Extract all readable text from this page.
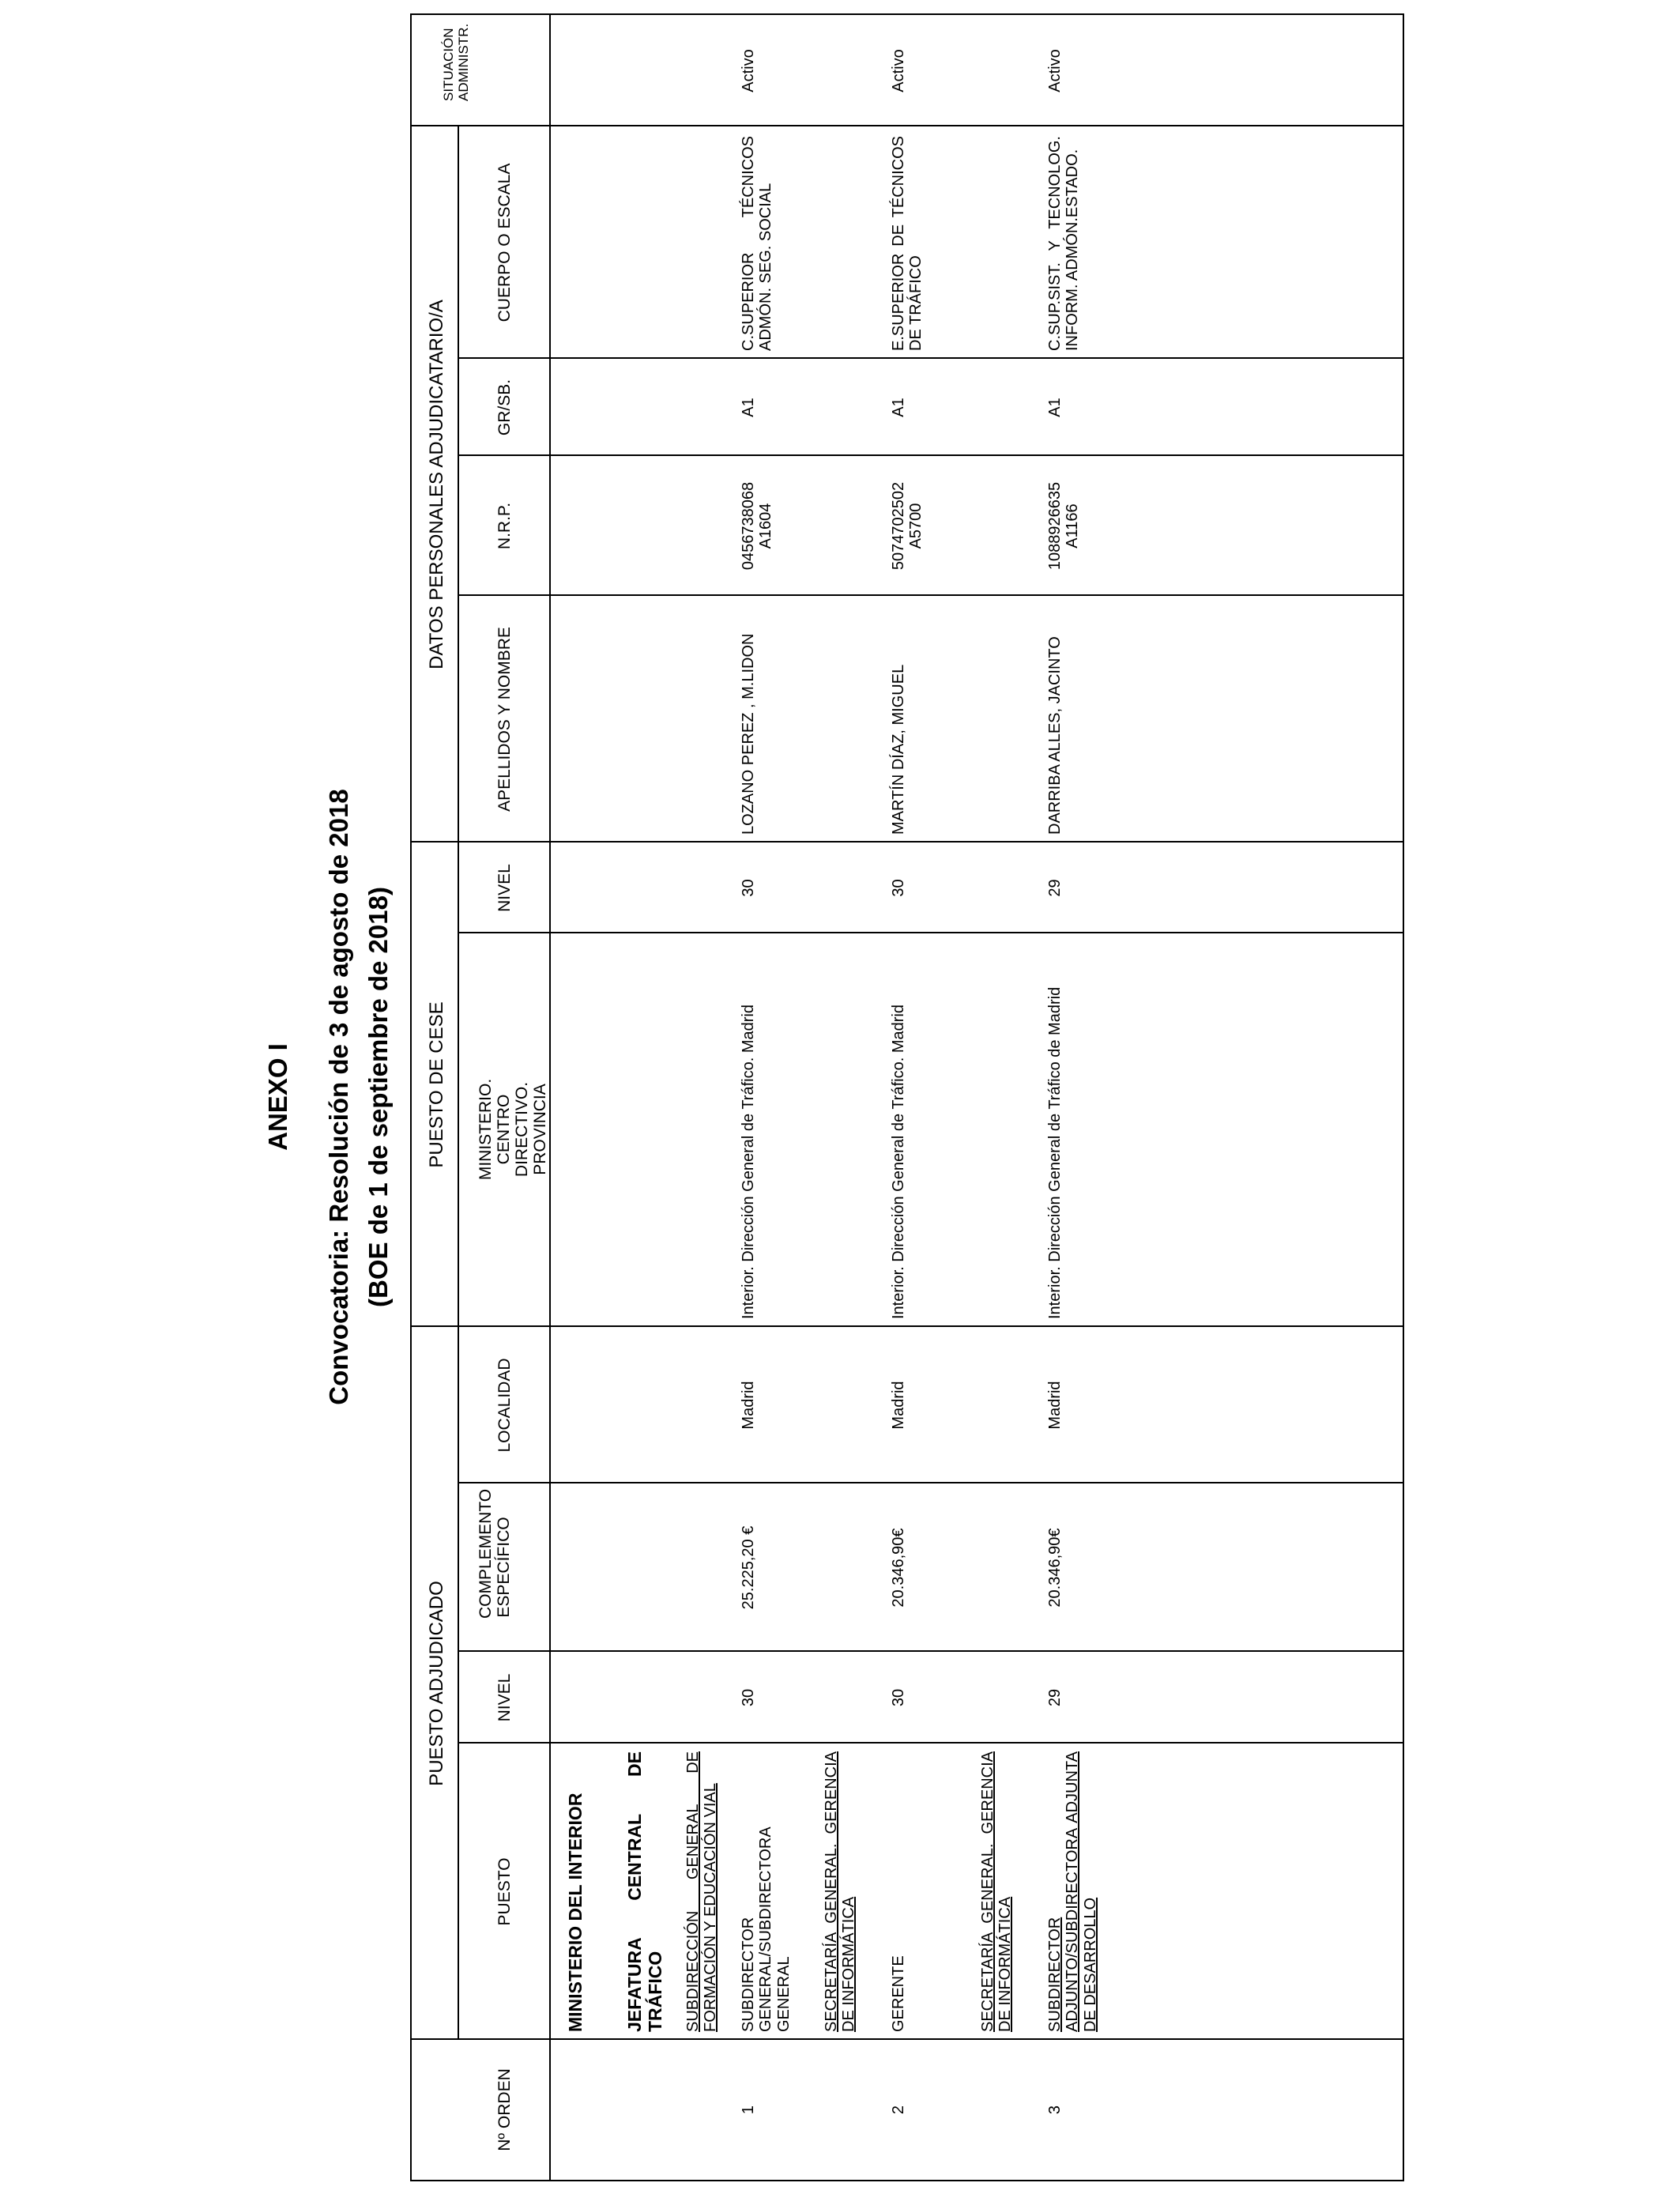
ANEXO I Convocatoria: Resolución de 3 de agosto de 2018 (BOE de 1 de septiembre de 2018)
PUESTO ADJUDICADO
PUESTO DE CESE
DATOS PERSONALES ADJUDICATARIO/A
Nº ORDEN
PUESTO
NIVEL
COMPLEMENTO ESPECÍFICO
LOCALIDAD
MINISTERIO. CENTRO DIRECTIVO. PROVINCIA
NIVEL
APELLIDOS Y NOMBRE
N.R.P.
GR/SB.
CUERPO O ESCALA
SITUACIÓN ADMINISTR.
MINISTERIO DEL INTERIOR JEFATURA CENTRAL DE TRÁFICO SUBDIRECCIÓN GENERAL DE FORMACIÓN Y EDUCACIÓN VIAL
1
SUBDIRECTOR GENERAL/SUBDIRECTORA GENERAL
30
25.225,20 €
Madrid
Interior. Dirección General de Tráfico. Madrid
30
LOZANO PEREZ , M.LIDON
0456738068 A1604
A1
C.SUPERIOR TÉCNICOS ADMÓN. SEG. SOCIAL
Activo
SECRETARÍA GENERAL. GERENCIA DE INFORMÁTICA
2
GERENTE
30
20.346,90€
Madrid
Interior. Dirección General de Tráfico. Madrid
30
MARTÍN DÍAZ, MIGUEL
5074702502 A5700
A1
E.SUPERIOR DE TÉCNICOS DE TRÁFICO
Activo
SECRETARÍA GENERAL. GERENCIA DE INFORMÁTICA
3
SUBDIRECTOR ADJUNTO/SUBDIRECTORA ADJUNTA DE DESARROLLO
29
20.346,90€
Madrid
Interior. Dirección General de Tráfico de Madrid
29
DARRIBA ALLES, JACINTO
1088926635 A1166
A1
C.SUP.SIST. Y TECNOLOG. INFORM. ADMÓN.ESTADO.
Activo
